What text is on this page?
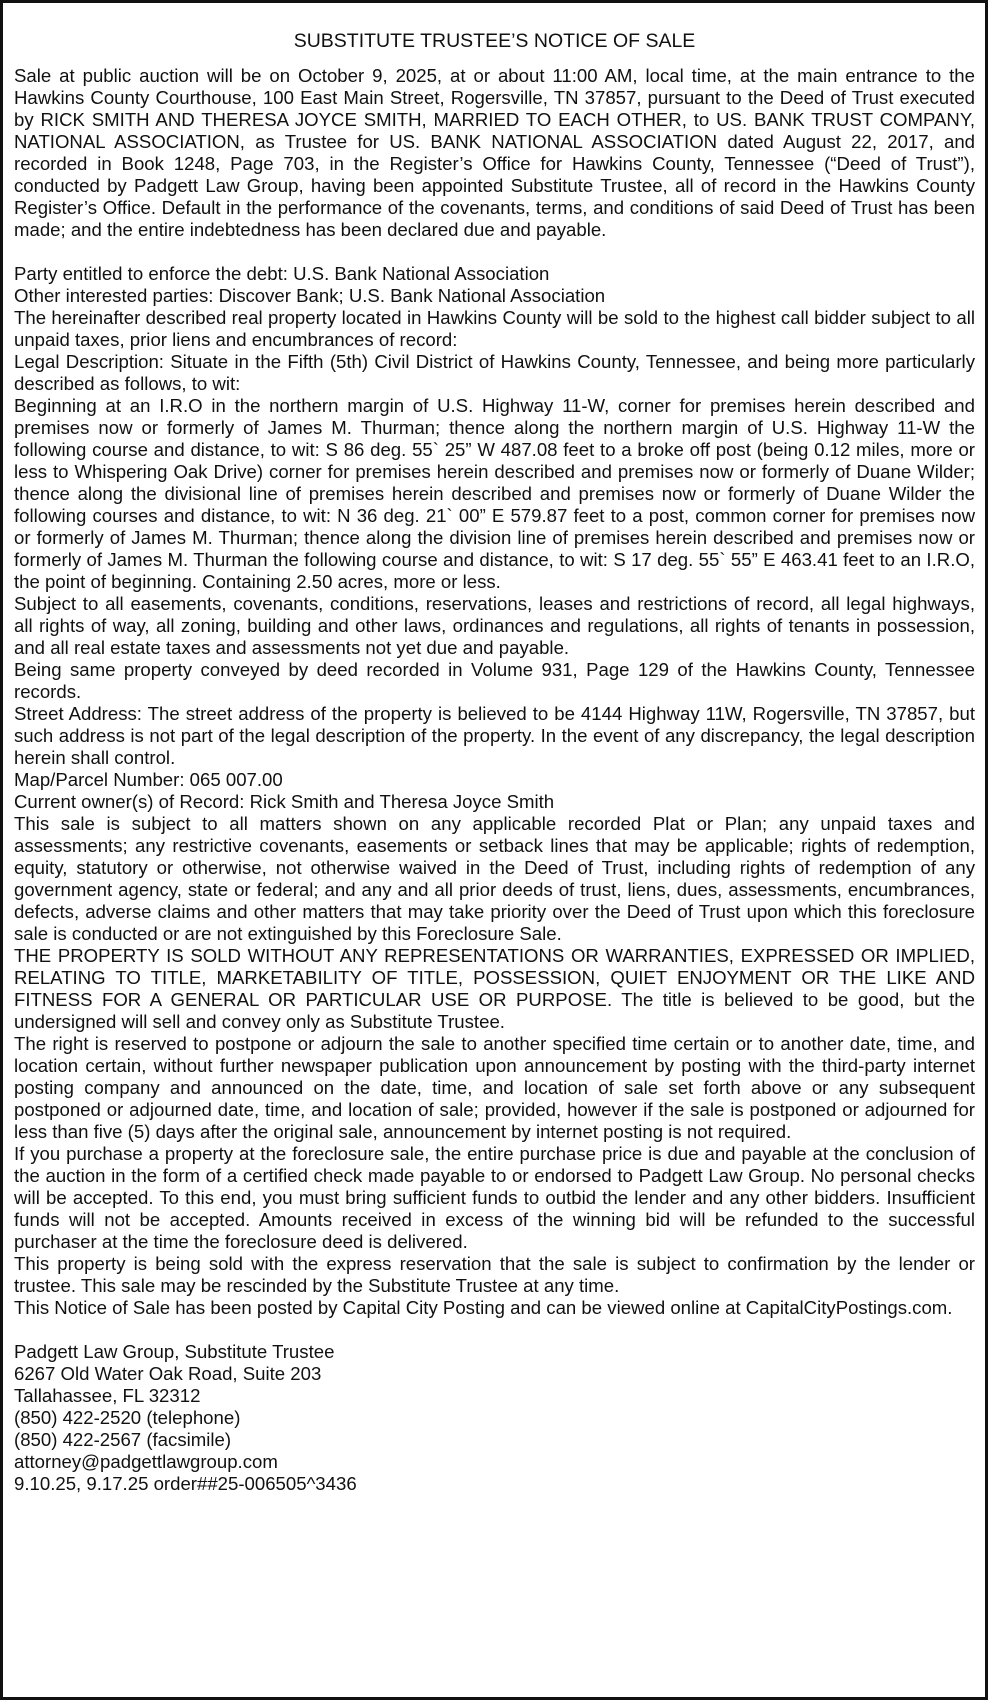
SUBSTITUTE TRUSTEE’S NOTICE OF SALE

Sale at public auction will be on October 9, 2025, at or about 11:00 AM, local time, at the main entrance to the Hawkins County Courthouse, 100 East Main Street, Rogersville, TN 37857, pursuant to the Deed of Trust executed by RICK SMITH AND THERESA JOYCE SMITH, MARRIED TO EACH OTHER, to US. BANK TRUST COMPANY, NATIONAL ASSOCIATION, as Trustee for US. BANK NATIONAL ASSOCIATION dated August 22, 2017, and recorded in Book 1248, Page 703, in the Register’s Office for Hawkins County, Tennessee (“Deed of Trust”), conducted by Padgett Law Group, having been appointed Substitute Trustee, all of record in the Hawkins County Register’s Office. Default in the performance of the covenants, terms, and conditions of said Deed of Trust has been made; and the entire indebtedness has been declared due and payable.

Party entitled to enforce the debt: U.S. Bank National Association

Other interested parties: Discover Bank; U.S. Bank National Association

The hereinafter described real property located in Hawkins County will be sold to the highest call bidder subject to all unpaid taxes, prior liens and encumbrances of record:

Legal Description: Situate in the Fifth (5th) Civil District of Hawkins County, Tennessee, and being more particularly described as follows, to wit:

Beginning at an I.R.O in the northern margin of U.S. Highway 11-W, corner for premises herein described and premises now or formerly of James M. Thurman; thence along the northern margin of U.S. Highway 11-W the following course and distance, to wit: S 86 deg. 55` 25” W 487.08 feet to a broke off post (being 0.12 miles, more or less to Whispering Oak Drive) corner for premises herein described and premises now or formerly of Duane Wilder; thence along the divisional line of premises herein described and premises now or formerly of Duane Wilder the following courses and distance, to wit: N 36 deg. 21` 00” E 579.87 feet to a post, common corner for premises now or formerly of James M. Thurman; thence along the division line of premises herein described and premises now or formerly of James M. Thurman the following course and distance, to wit: S 17 deg. 55` 55” E 463.41 feet to an I.R.O, the point of beginning. Containing 2.50 acres, more or less.

Subject to all easements, covenants, conditions, reservations, leases and restrictions of record, all legal highways, all rights of way, all zoning, building and other laws, ordinances and regulations, all rights of tenants in possession, and all real estate taxes and assessments not yet due and payable.

Being same property conveyed by deed recorded in Volume 931, Page 129 of the Hawkins County, Tennessee records.

Street Address: The street address of the property is believed to be 4144 Highway 11W, Rogersville, TN 37857, but such address is not part of the legal description of the property. In the event of any discrepancy, the legal description herein shall control.

Map/Parcel Number: 065 007.00

Current owner(s) of Record: Rick Smith and Theresa Joyce Smith

This sale is subject to all matters shown on any applicable recorded Plat or Plan; any unpaid taxes and assessments; any restrictive covenants, easements or setback lines that may be applicable; rights of redemption, equity, statutory or otherwise, not otherwise waived in the Deed of Trust, including rights of redemption of any government agency, state or federal; and any and all prior deeds of trust, liens, dues, assessments, encumbrances, defects, adverse claims and other matters that may take priority over the Deed of Trust upon which this foreclosure sale is conducted or are not extinguished by this Foreclosure Sale.

THE PROPERTY IS SOLD WITHOUT ANY REPRESENTATIONS OR WARRANTIES, EXPRESSED OR IMPLIED, RELATING TO TITLE, MARKETABILITY OF TITLE, POSSESSION, QUIET ENJOYMENT OR THE LIKE AND FITNESS FOR A GENERAL OR PARTICULAR USE OR PURPOSE. The title is believed to be good, but the undersigned will sell and convey only as Substitute Trustee.

The right is reserved to postpone or adjourn the sale to another specified time certain or to another date, time, and location certain, without further newspaper publication upon announcement by posting with the third-party internet posting company and announced on the date, time, and location of sale set forth above or any subsequent postponed or adjourned date, time, and location of sale; provided, however if the sale is postponed or adjourned for less than five (5) days after the original sale, announcement by internet posting is not required.

If you purchase a property at the foreclosure sale, the entire purchase price is due and payable at the conclusion of the auction in the form of a certified check made payable to or endorsed to Padgett Law Group. No personal checks will be accepted. To this end, you must bring sufficient funds to outbid the lender and any other bidders. Insufficient funds will not be accepted. Amounts received in excess of the winning bid will be refunded to the successful purchaser at the time the foreclosure deed is delivered.

This property is being sold with the express reservation that the sale is subject to confirmation by the lender or trustee. This sale may be rescinded by the Substitute Trustee at any time.

This Notice of Sale has been posted by Capital City Posting and can be viewed online at CapitalCityPostings.com.

Padgett Law Group, Substitute Trustee

6267 Old Water Oak Road, Suite 203

Tallahassee, FL 32312

(850) 422-2520 (telephone)

(850) 422-2567 (facsimile)

attorney@padgettlawgroup.com

9.10.25, 9.17.25 order##25-006505^3436
